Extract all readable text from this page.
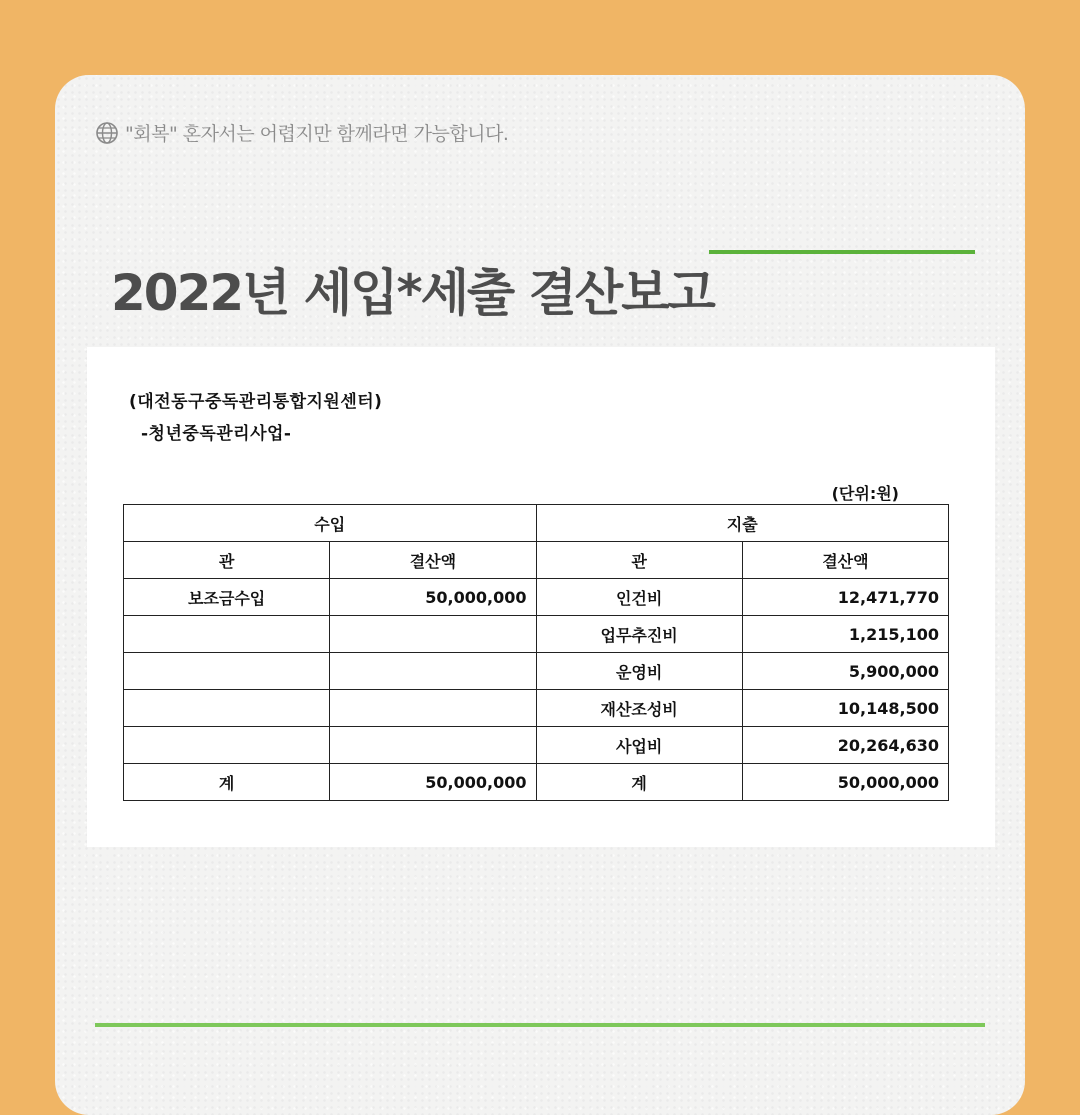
"회복" 혼자서는 어렵지만 함께라면 가능합니다.
2022년 세입*세출 결산보고
(대전동구중독관리통합지원센터)
-청년중독관리사업-
(단위:원)
수입		지출	
관	결산액	관	결산액
보조금수입	50,000,000	인건비	12,471,770
		업무추진비	1,215,100
		운영비	5,900,000
		재산조성비	10,148,500
		사업비	20,264,630
계	50,000,000	계	50,000,000
